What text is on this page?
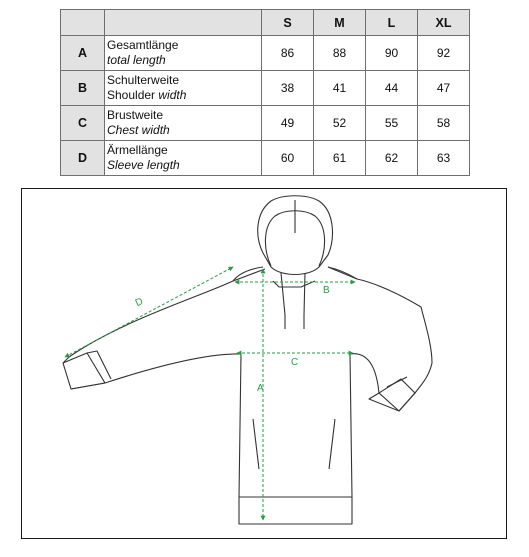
		S	M	L	XL
A	Gesamtlänge
total length	86	88	90	92
B	Schulterweite
Shoulder width	38	41	44	47
C	Brustweite
Chest width	49	52	55	58
D	Ärmellänge
Sleeve length	60	61	62	63
A
B
C
D
